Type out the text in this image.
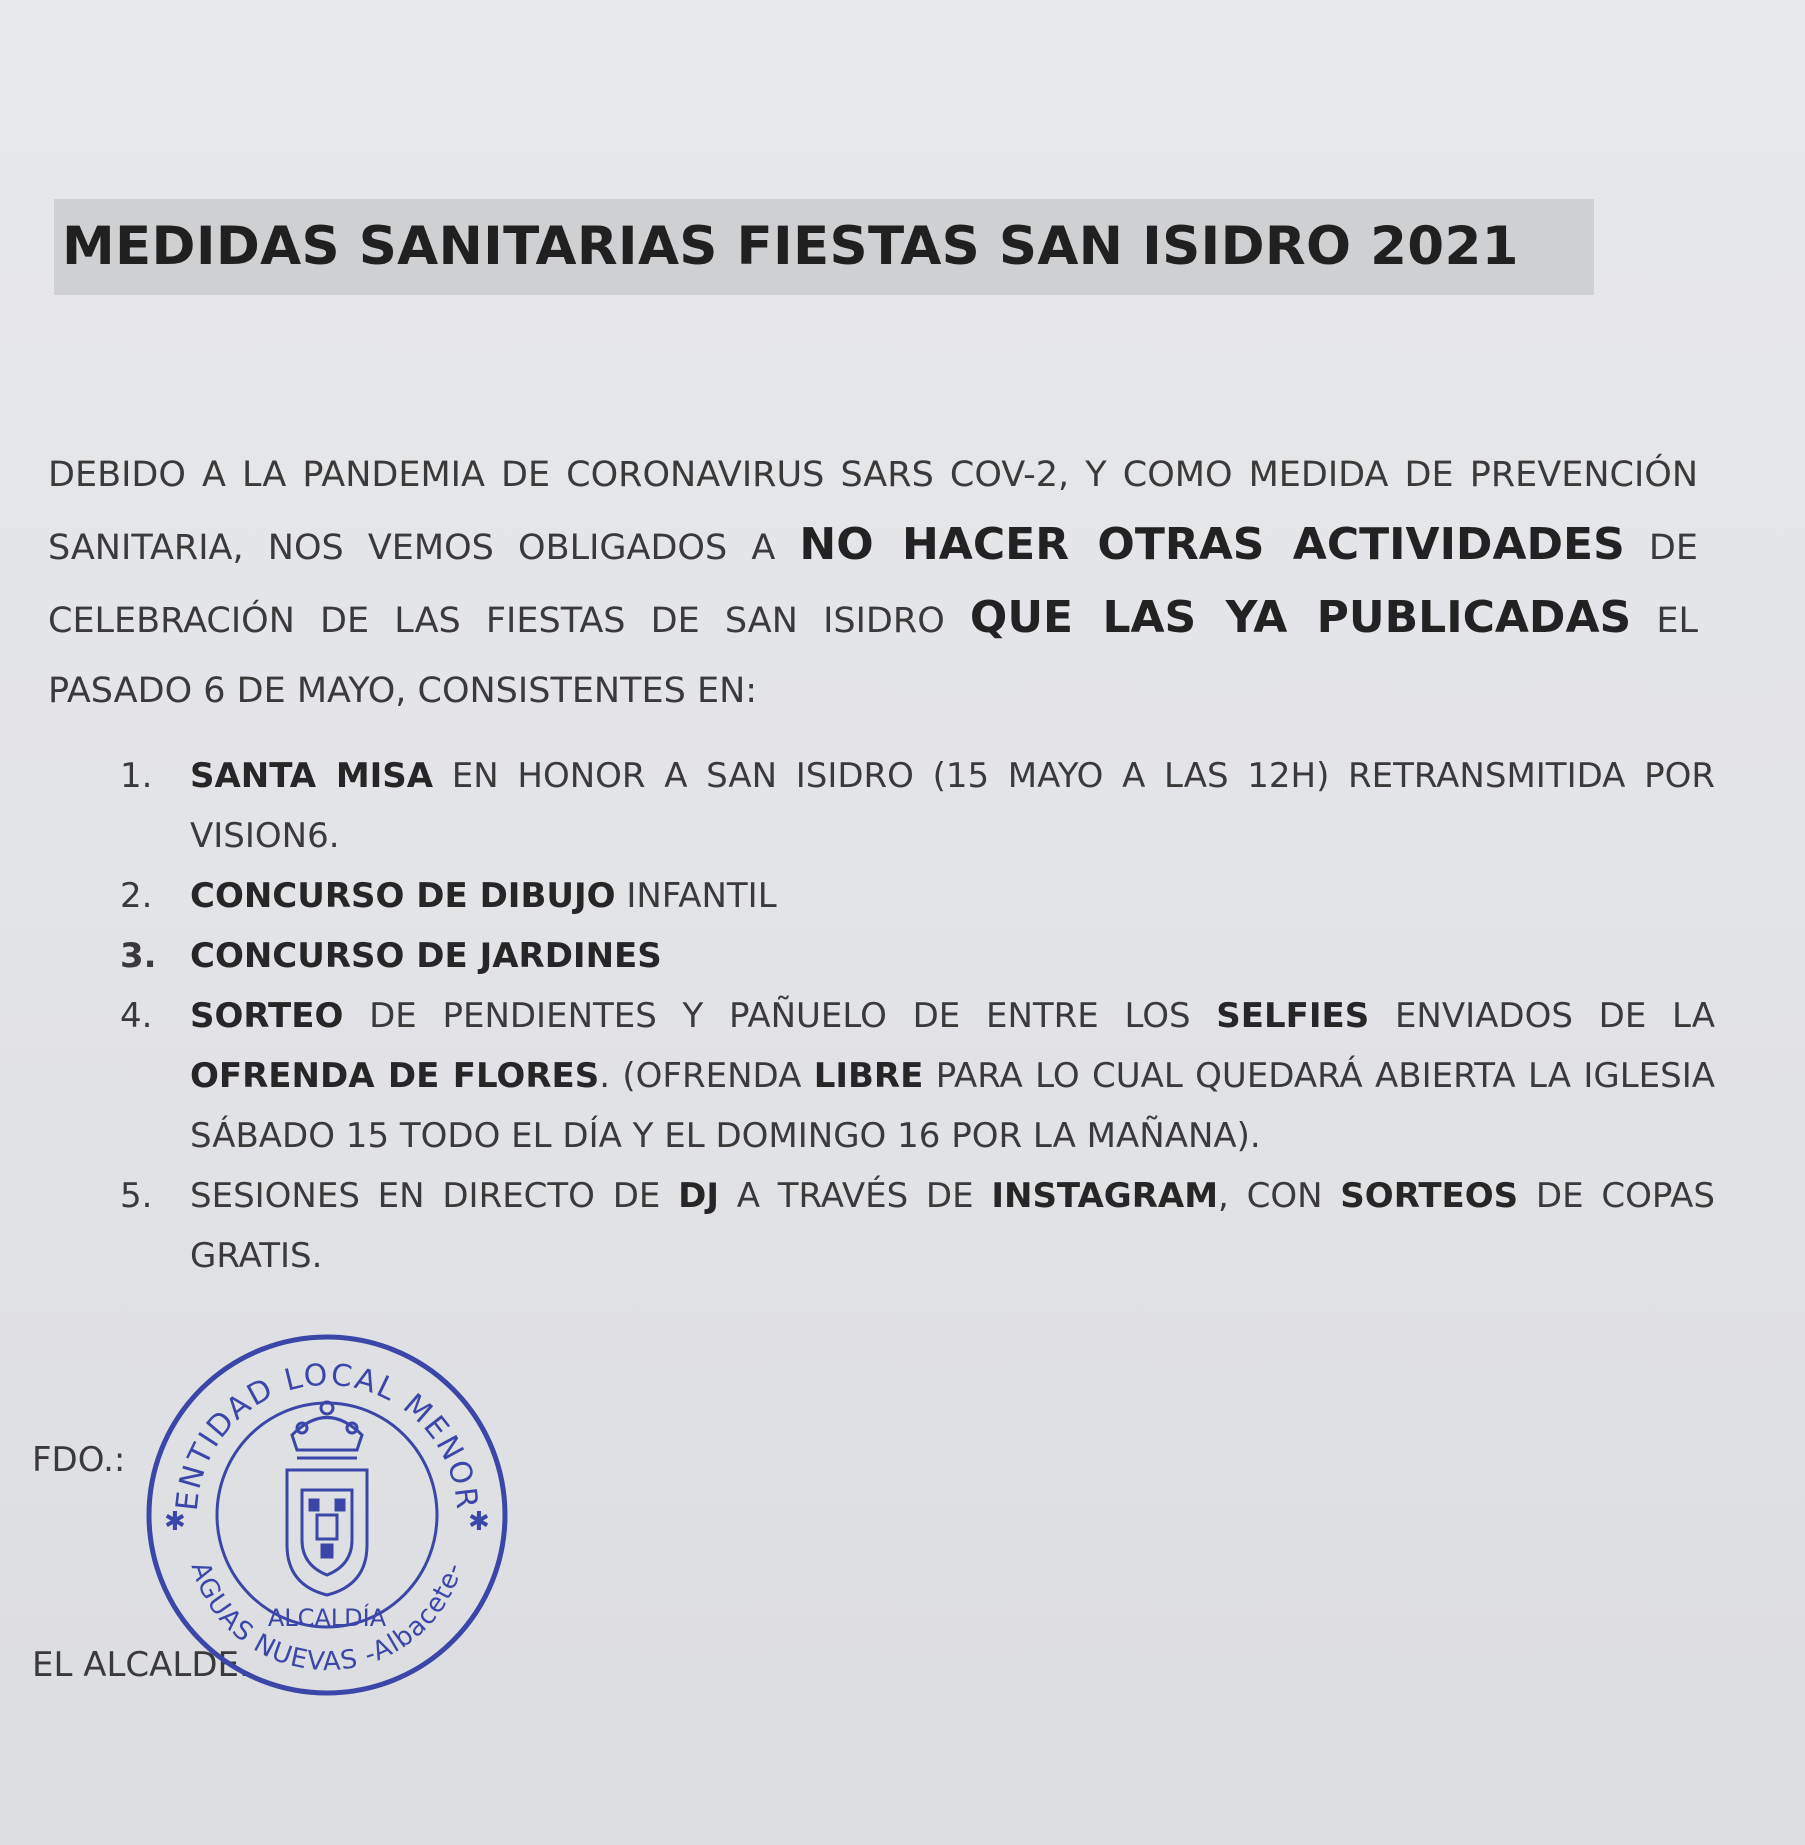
MEDIDAS SANITARIAS FIESTAS SAN ISIDRO 2021
DEBIDO A LA PANDEMIA DE CORONAVIRUS SARS COV-2, Y COMO MEDIDA DE PREVENCIÓN SANITARIA, NOS VEMOS OBLIGADOS A NO HACER OTRAS ACTIVIDADES DE CELEBRACIÓN DE LAS FIESTAS DE SAN ISIDRO QUE LAS YA PUBLICADAS EL PASADO 6 DE MAYO, CONSISTENTES EN:
1. SANTA MISA EN HONOR A SAN ISIDRO (15 MAYO A LAS 12H) RETRANSMITIDA POR VISION6.
2. CONCURSO DE DIBUJO INFANTIL
3. CONCURSO DE JARDINES
4. SORTEO DE PENDIENTES Y PAÑUELO DE ENTRE LOS SELFIES ENVIADOS DE LA OFRENDA DE FLORES. (OFRENDA LIBRE PARA LO CUAL QUEDARÁ ABIERTA LA IGLESIA SÁBADO 15 TODO EL DÍA Y EL DOMINGO 16 POR LA MAÑANA).
5. SESIONES EN DIRECTO DE DJ A TRAVÉS DE INSTAGRAM, CON SORTEOS DE COPAS GRATIS.
FDO.:
EL ALCALDE.
ENTIDAD LOCAL MENOR
AGUAS NUEVAS -Albacete-
✱	✱
ALCALDÍA
